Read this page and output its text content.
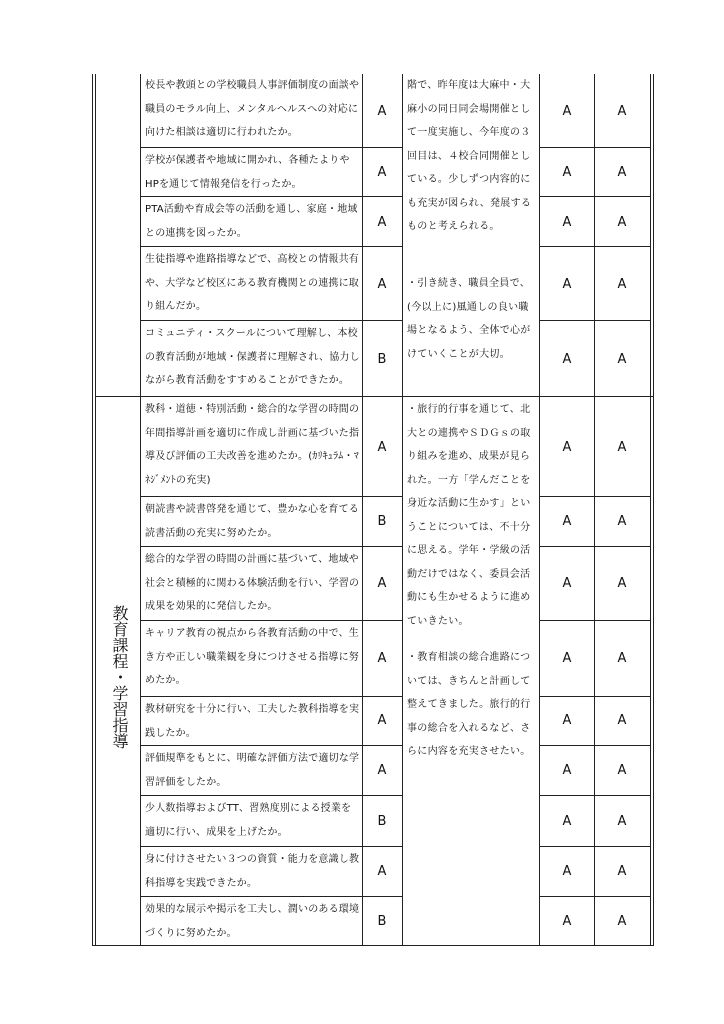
教育課程・学習指導
校長や教頭との学校職員人事評価制度の面談や職員のモラル向上、メンタルヘルスへの対応に向けた相談は適切に行われたか。
学校が保護者や地域に開かれ、各種たよりやHPを通じて情報発信を行ったか。
PTA活動や育成会等の活動を通し、家庭・地域との連携を図ったか。
生徒指導や進路指導などで、高校との情報共有や、大学など校区にある教育機関との連携に取り組んだか。
コミュニティ・スクールについて理解し、本校の教育活動が地域・保護者に理解され、協力しながら教育活動をすすめることができたか。
教科・道徳・特別活動・総合的な学習の時間の年間指導計画を適切に作成し計画に基づいた指導及び評価の工夫改善を進めたか。(ｶﾘｷｭﾗﾑ・ﾏﾈｼﾞﾒﾝﾄの充実)
朝読書や読書啓発を通じて、豊かな心を育てる読書活動の充実に努めたか。
総合的な学習の時間の計画に基づいて、地域や社会と積極的に関わる体験活動を行い、学習の成果を効果的に発信したか。
キャリア教育の視点から各教育活動の中で、生き方や正しい職業観を身につけさせる指導に努めたか。
教材研究を十分に行い、工夫した教科指導を実践したか。
評価規準をもとに、明確な評価方法で適切な学習評価をしたか。
少人数指導およびTT、習熟度別による授業を適切に行い、成果を上げたか。
身に付けさせたい３つの資質・能力を意識し教科指導を実践できたか。
効果的な展示や掲示を工夫し、潤いのある環境づくりに努めたか。
A
A
A
A
B
A
B
A
A
A
A
B
A
B
階で、昨年度は大麻中・大麻小の同日同会場開催として一度実施し、今年度の３回目は、４校合同開催としている。少しずつ内容的にも充実が図られ、発展するものと考えられる。
・引き続き、職員全員で、(今以上に)風通しの良い職場となるよう、全体で心がけていくことが大切。
・旅行的行事を通じて、北大との連携やＳＤＧｓの取り組みを進め、成果が見られた。一方「学んだことを身近な活動に生かす」ということについては、不十分に思える。学年・学級の活動だけではなく、委員会活動にも生かせるように進めていきたい。
・教育相談の総合進路については、きちんと計画して整えてきました。旅行的行事の総合を入れるなど、さらに内容を充実させたい。
A
A
A
A
A
A
A
A
A
A
A
A
A
A
A
A
A
A
A
A
A
A
A
A
A
A
A
A
